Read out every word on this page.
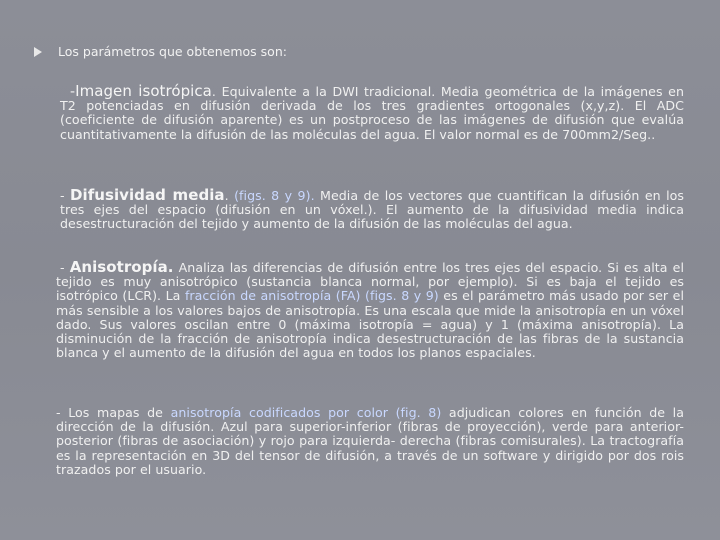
Los parámetros que obtenemos son:
-Imagen isotrópica. Equivalente a la DWI tradicional. Media geométrica de la imágenes en T2 potenciadas en difusión derivada de los tres gradientes ortogonales (x,y,z). El ADC (coeficiente de difusión aparente) es un postproceso de las imágenes de difusión que evalúa cuantitativamente la difusión de las moléculas del agua. El valor normal es de 700mm2/Seg..
- Difusividad media. (figs. 8 y 9). Media de los vectores que cuantifican la difusión en los tres ejes del espacio (difusión en un vóxel.). El aumento de la difusividad media indica desestructuración del tejido y aumento de la difusión de las moléculas del agua.
- Anisotropía. Analiza las diferencias de difusión entre los tres ejes del espacio. Si es alta el tejido es muy anisotrópico (sustancia blanca normal, por ejemplo). Si es baja el tejido es isotrópico (LCR). La fracción de anisotropía (FA) (figs. 8 y 9) es el parámetro más usado por ser el más sensible a los valores bajos de anisotropía. Es una escala que mide la anisotropía en un vóxel dado. Sus valores oscilan entre 0 (máxima isotropía = agua) y 1 (máxima anisotropía). La disminución de la fracción de anisotropía indica desestructuración de las fibras de la sustancia blanca y el aumento de la difusión del agua en todos los planos espaciales.
- Los mapas de anisotropía codificados por color (fig. 8) adjudican colores en función de la dirección de la difusión. Azul para superior-inferior (fibras de proyección), verde para anterior- posterior (fibras de asociación) y rojo para izquierda- derecha (fibras comisurales). La tractografía es la representación en 3D del tensor de difusión, a través de un software y dirigido por dos rois trazados por el usuario.
